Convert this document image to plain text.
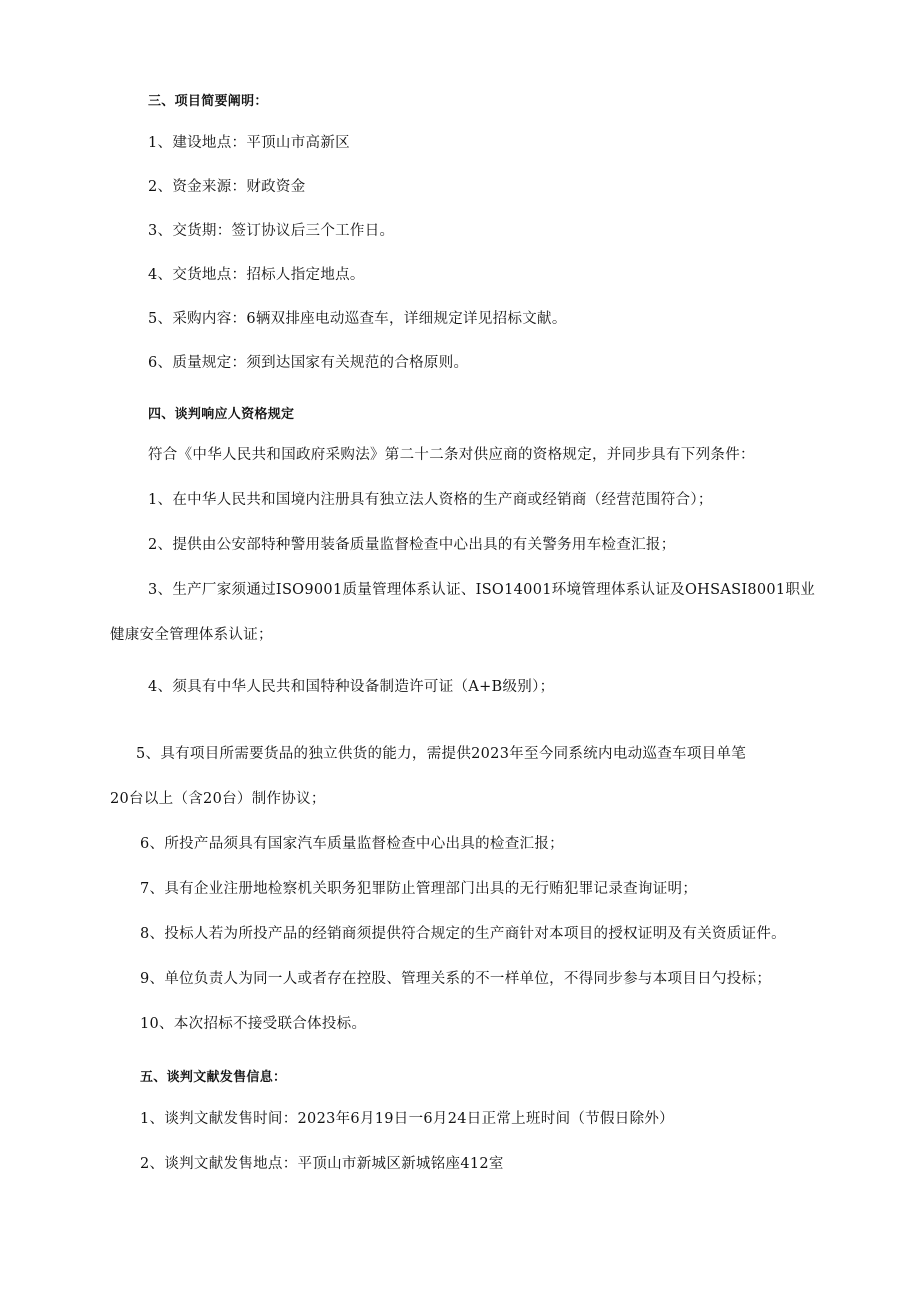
三、项目简要阐明：
1、建设地点：平顶山市高新区
2、资金来源：财政资金
3、交货期：签订协议后三个工作日。
4、交货地点：招标人指定地点。
5、采购内容：6辆双排座电动巡查车，详细规定详见招标文献。
6、质量规定：须到达国家有关规范的合格原则。
四、谈判响应人资格规定
符合《中华人民共和国政府采购法》第二十二条对供应商的资格规定，并同步具有下列条件：
1、在中华人民共和国境内注册具有独立法人资格的生产商或经销商（经营范围符合）；
2、提供由公安部特种警用装备质量监督检查中心出具的有关警务用车检查汇报；
3、生产厂家须通过ISO9001质量管理体系认证、ISO14001环境管理体系认证及OHSASI8001职业
健康安全管理体系认证；
4、须具有中华人民共和国特种设备制造许可证（A+B级别）；
5、具有项目所需要货品的独立供货的能力，需提供2023年至今同系统内电动巡查车项目单笔
20台以上（含20台）制作协议；
6、所投产品须具有国家汽车质量监督检查中心出具的检查汇报；
7、具有企业注册地检察机关职务犯罪防止管理部门出具的无行贿犯罪记录查询证明；
8、投标人若为所投产品的经销商须提供符合规定的生产商针对本项目的授权证明及有关资质证件。
9、单位负责人为同一人或者存在控股、管理关系的不一样单位，不得同步参与本项目日勺投标；
10、本次招标不接受联合体投标。
五、谈判文献发售信息：
1、谈判文献发售时间：2023年6月19日一6月24日正常上班时间（节假日除外）
2、谈判文献发售地点：平顶山市新城区新城铭座412室
